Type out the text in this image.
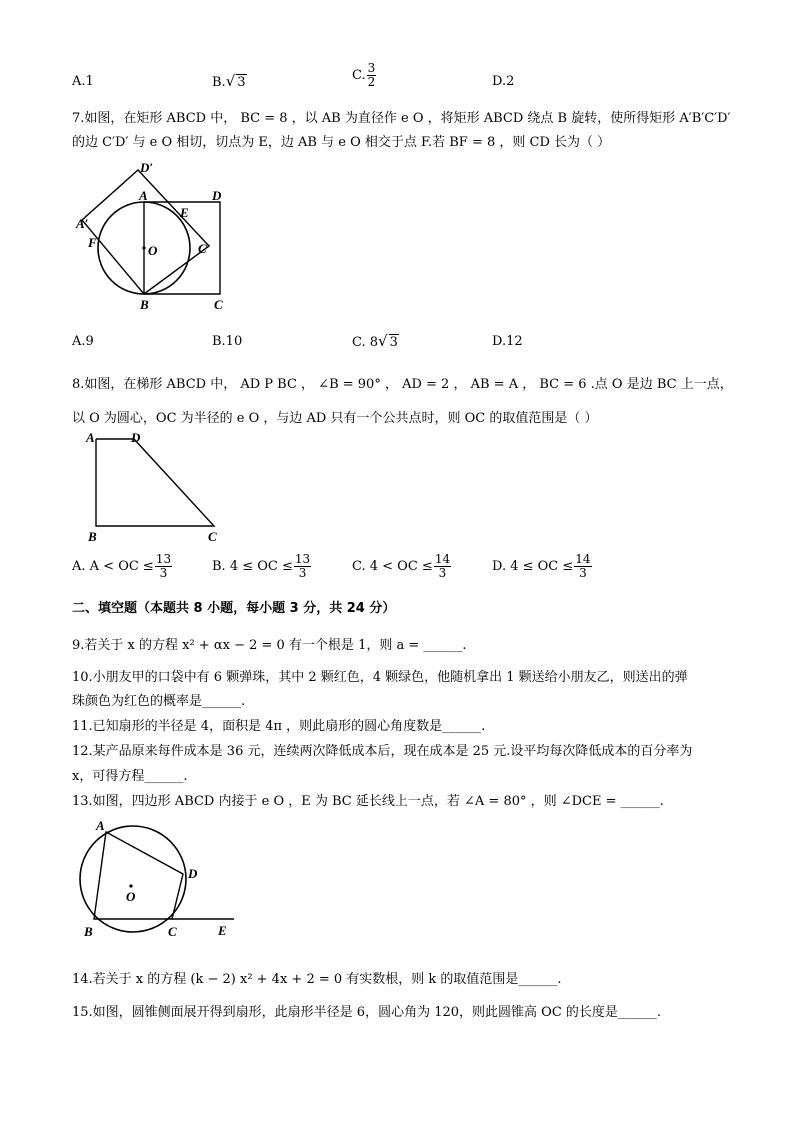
A.1	B.√ 3	C. $\frac{3}{2}$	D.2
7.如图，在矩形 ABCD 中， BC = 8 ，以 AB 为直径作 e O ，将矩形 ABCD 绕点 B 旋转，使所得矩形 A′B′C′D′
的边 C′D′ 与 e O 相切，切点为 E，边 AB 与 e O 相交于点 F.若 BF = 8 ，则 CD 长为（ ）
D′
D
A
E
A′
F
O	C′
B	C
A.9	B.10	C. 8√ 3	D.12
8.如图，在梯形 ABCD 中， AD P BC ， ∠B = 90° ， AD = 2 ， AB = A ， BC = 6 .点 O 是边 BC 上一点，
以 O 为圆心，OC 为半径的 e O ，与边 AD 只有一个公共点时，则 OC 的取值范围是（ ）
A	D
B	C
A. A < OC ≤ $\frac{13}{3}$	B. 4 ≤ OC ≤ $\frac{13}{3}$	C. 4 < OC ≤ $\frac{14}{3}$	D. 4 ≤ OC ≤ $\frac{14}{3}$
二、填空题（本题共 8 小题，每小题 3 分，共 24 分）
9.若关于 x 的方程 x² + αx − 2 = 0 有一个根是 1，则 a = ______.
10.小朋友甲的口袋中有 6 颗弹珠，其中 2 颗红色，4 颗绿色，他随机拿出 1 颗送给小朋友乙，则送出的弹
珠颜色为红色的概率是______.
11.已知扇形的半径是 4，面积是 4π ，则此扇形的圆心角度数是______.
12.某产品原来每件成本是 36 元，连续两次降低成本后，现在成本是 25 元.设平均每次降低成本的百分率为
x，可得方程______.
13.如图，四边形 ABCD 内接于 e O ，E 为 BC 延长线上一点，若 ∠A = 80° ，则 ∠DCE = ______.
A
D
O
B	C	E
14.若关于 x 的方程 (k − 2) x² + 4x + 2 = 0 有实数根，则 k 的取值范围是______.
15.如图，圆锥侧面展开得到扇形，此扇形半径是 6，圆心角为 120，则此圆锥高 OC 的长度是______.
